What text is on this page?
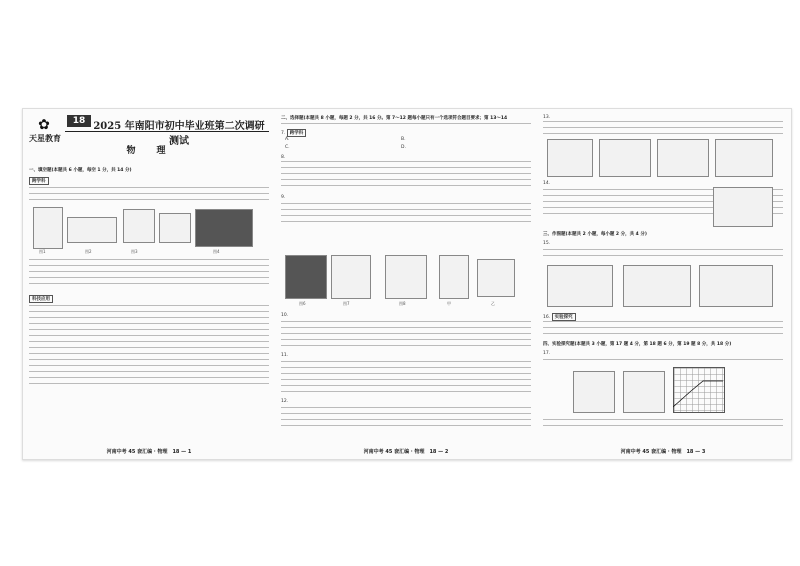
✿
天星教育
18 2025 年南阳市初中毕业班第二次调研测试
物　理
一、填空题(本题共 6 小题，每空 1 分，共 14 分)
跨学科
图1	图2	图3	图4
科技应用
河南中考 45 套汇编 · 物理　18 — 1
二、选择题(本题共 8 小题，每题 2 分，共 16 分。第 7～12 题每小题只有一个选项符合题目要求；第 13～14
7. 跨学科
A.	B.
C.	D.
8.
9.
图6	图7	图8	甲	乙
10.
11.
12.
河南中考 45 套汇编 · 物理　18 — 2
13.
14.
三、作图题(本题共 2 小题，每小题 2 分，共 4 分)
15.
16. 实验探究
四、实验探究题(本题共 3 小题，第 17 题 4 分，第 18 题 6 分，第 19 题 8 分，共 18 分)
17.
河南中考 45 套汇编 · 物理　18 — 3
